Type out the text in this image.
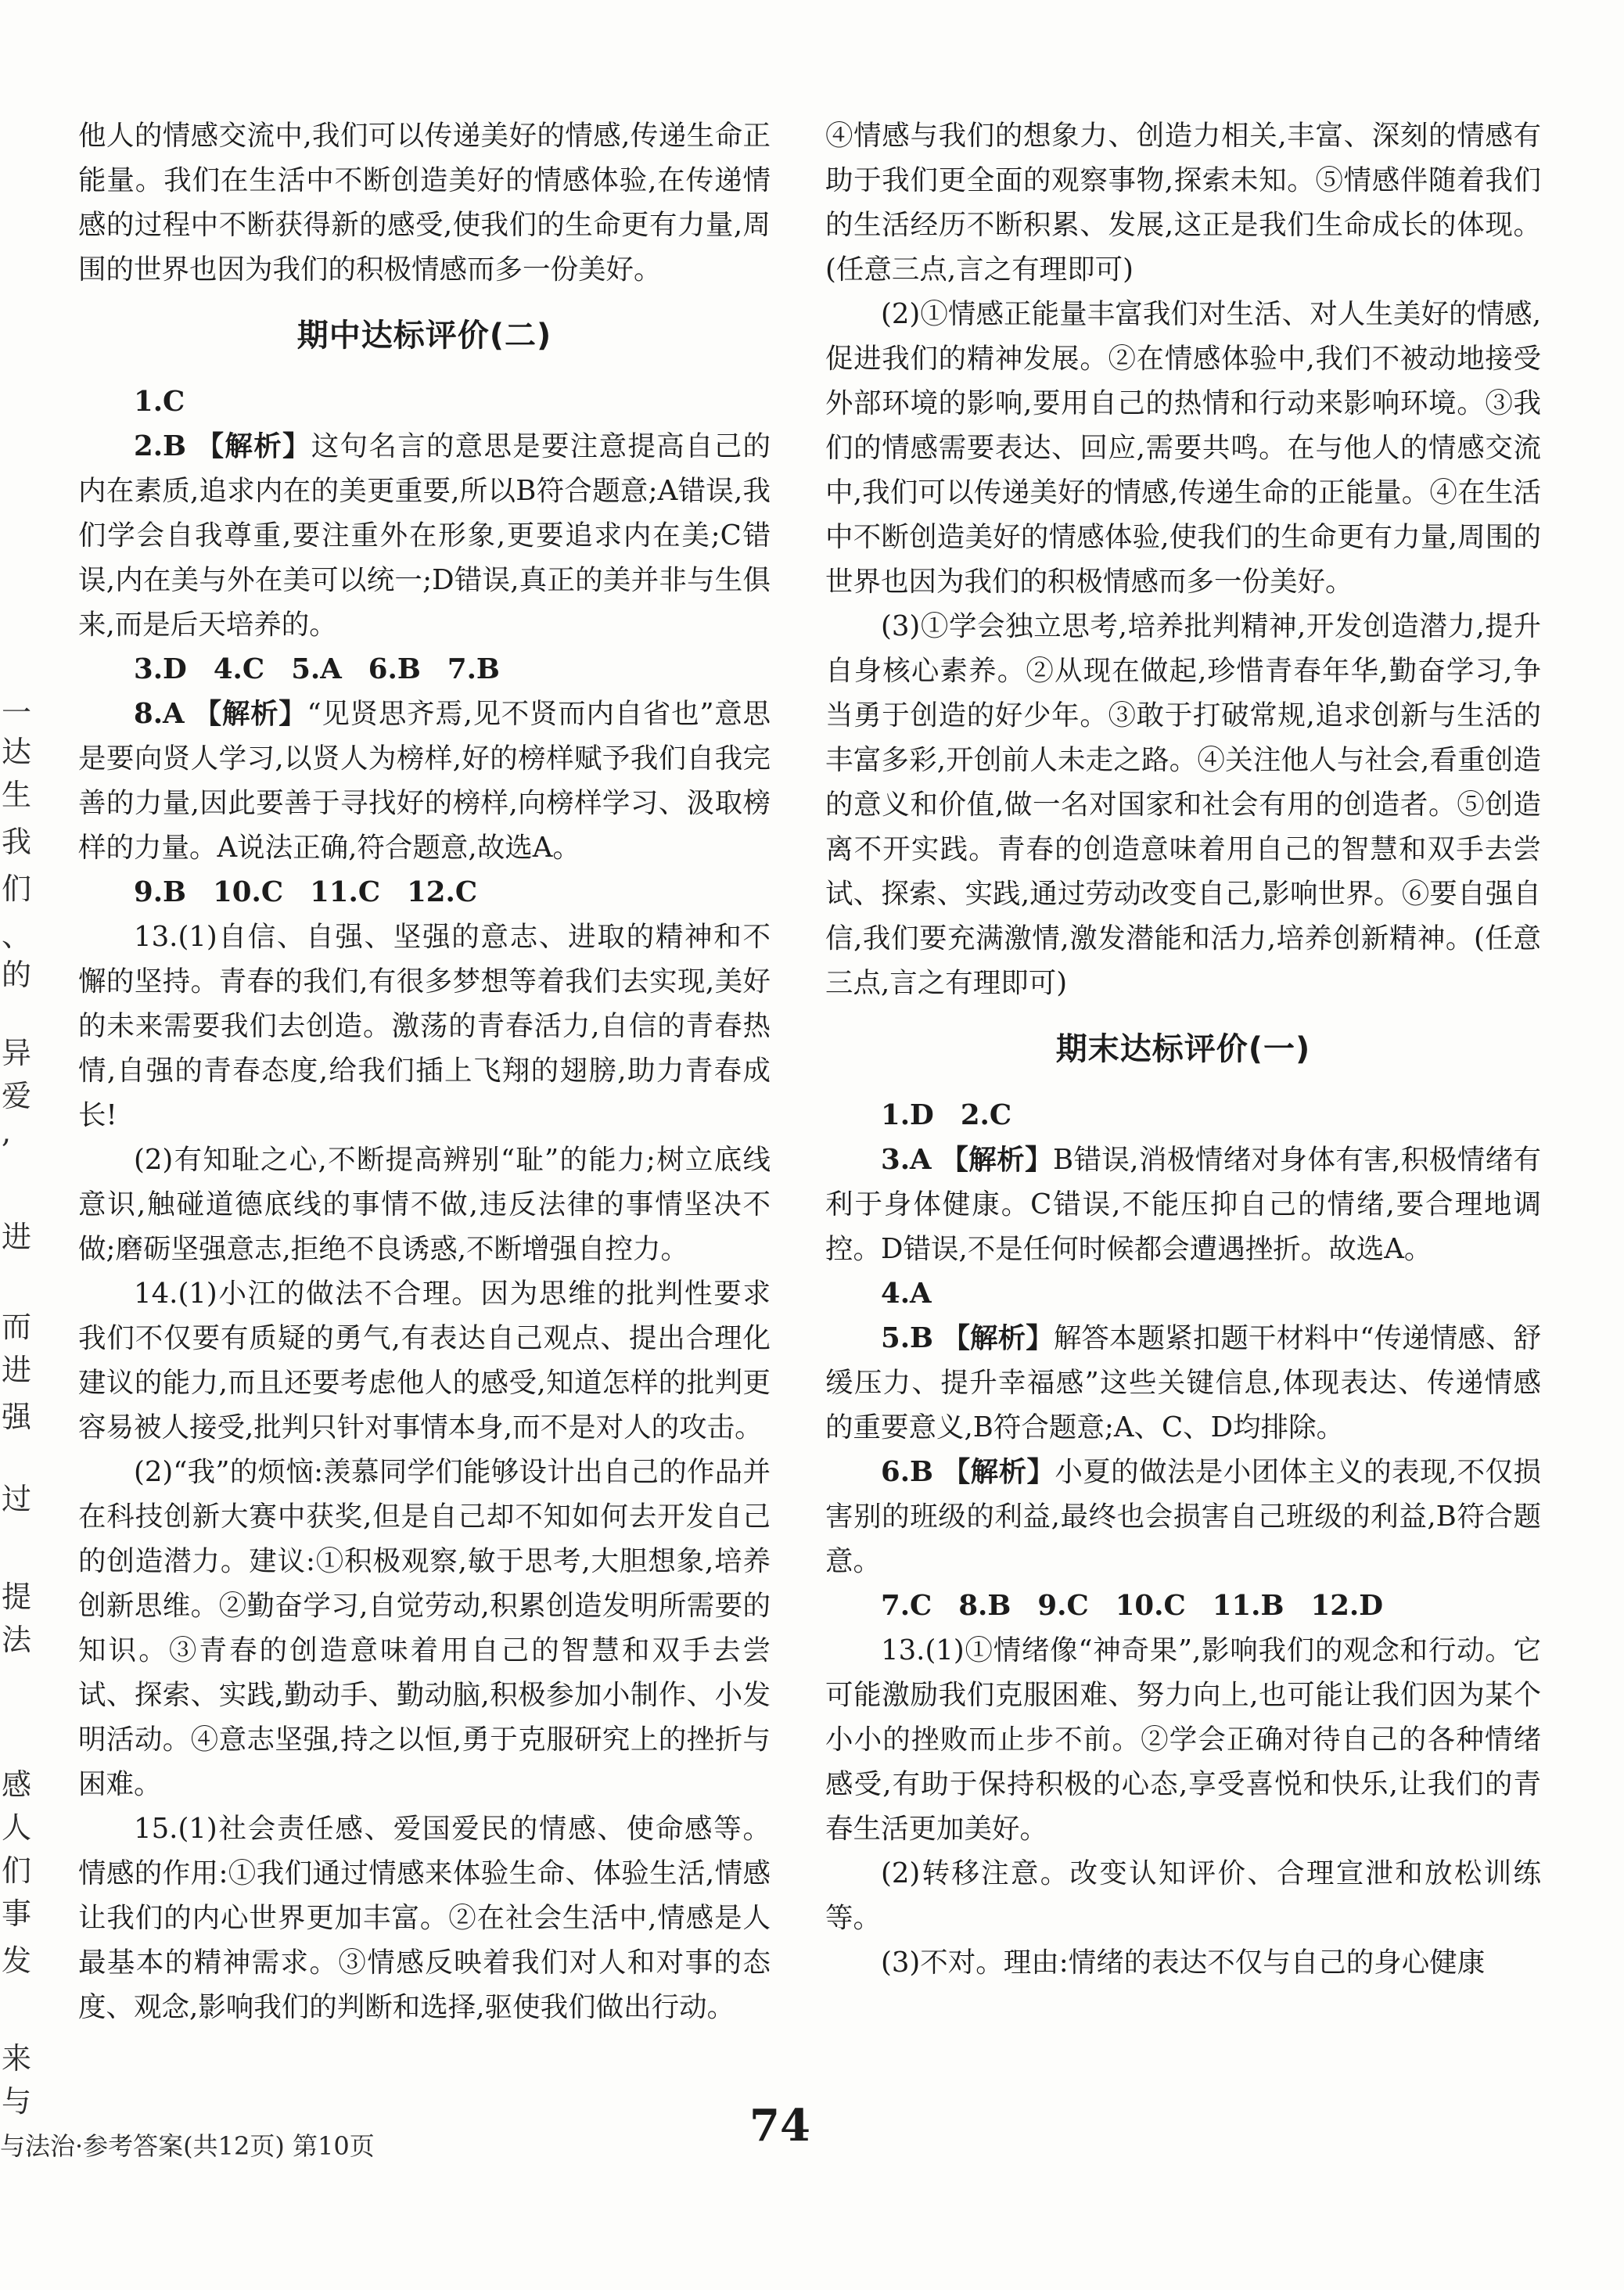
一
达
生
我
们
、
的
异
爱
,
进
而
进
强
过
提
法
感
人
们
事
发
来
与

他人的情感交流中,我们可以传递美好的情感,传递生命正能量。我们在生活中不断创造美好的情感体验,在传递情感的过程中不断获得新的感受,使我们的生命更有力量,周围的世界也因为我们的积极情感而多一份美好。

期中达标评价(二)

1.C

2.B 【解析】这句名言的意思是要注意提高自己的内在素质,追求内在的美更重要,所以B符合题意;A错误,我们学会自我尊重,要注重外在形象,更要追求内在美;C错误,内在美与外在美可以统一;D错误,真正的美并非与生俱来,而是后天培养的。

3.D 4.C 5.A 6.B 7.B

8.A 【解析】“见贤思齐焉,见不贤而内自省也”意思是要向贤人学习,以贤人为榜样,好的榜样赋予我们自我完善的力量,因此要善于寻找好的榜样,向榜样学习、汲取榜样的力量。A说法正确,符合题意,故选A。

9.B 10.C 11.C 12.C

13.(1)自信、自强、坚强的意志、进取的精神和不懈的坚持。青春的我们,有很多梦想等着我们去实现,美好的未来需要我们去创造。激荡的青春活力,自信的青春热情,自强的青春态度,给我们插上飞翔的翅膀,助力青春成长!

(2)有知耻之心,不断提高辨别“耻”的能力;树立底线意识,触碰道德底线的事情不做,违反法律的事情坚决不做;磨砺坚强意志,拒绝不良诱惑,不断增强自控力。

14.(1)小江的做法不合理。因为思维的批判性要求我们不仅要有质疑的勇气,有表达自己观点、提出合理化建议的能力,而且还要考虑他人的感受,知道怎样的批判更容易被人接受,批判只针对事情本身,而不是对人的攻击。

(2)“我”的烦恼:羡慕同学们能够设计出自己的作品并在科技创新大赛中获奖,但是自己却不知如何去开发自己的创造潜力。建议:①积极观察,敏于思考,大胆想象,培养创新思维。②勤奋学习,自觉劳动,积累创造发明所需要的知识。③青春的创造意味着用自己的智慧和双手去尝试、探索、实践,勤动手、勤动脑,积极参加小制作、小发明活动。④意志坚强,持之以恒,勇于克服研究上的挫折与困难。

15.(1)社会责任感、爱国爱民的情感、使命感等。情感的作用:①我们通过情感来体验生命、体验生活,情感让我们的内心世界更加丰富。②在社会生活中,情感是人最基本的精神需求。③情感反映着我们对人和对事的态度、观念,影响我们的判断和选择,驱使我们做出行动。

④情感与我们的想象力、创造力相关,丰富、深刻的情感有助于我们更全面的观察事物,探索未知。⑤情感伴随着我们的生活经历不断积累、发展,这正是我们生命成长的体现。(任意三点,言之有理即可)

(2)①情感正能量丰富我们对生活、对人生美好的情感,促进我们的精神发展。②在情感体验中,我们不被动地接受外部环境的影响,要用自己的热情和行动来影响环境。③我们的情感需要表达、回应,需要共鸣。在与他人的情感交流中,我们可以传递美好的情感,传递生命的正能量。④在生活中不断创造美好的情感体验,使我们的生命更有力量,周围的世界也因为我们的积极情感而多一份美好。

(3)①学会独立思考,培养批判精神,开发创造潜力,提升自身核心素养。②从现在做起,珍惜青春年华,勤奋学习,争当勇于创造的好少年。③敢于打破常规,追求创新与生活的丰富多彩,开创前人未走之路。④关注他人与社会,看重创造的意义和价值,做一名对国家和社会有用的创造者。⑤创造离不开实践。青春的创造意味着用自己的智慧和双手去尝试、探索、实践,通过劳动改变自己,影响世界。⑥要自强自信,我们要充满激情,激发潜能和活力,培养创新精神。(任意三点,言之有理即可)

期末达标评价(一)

1.D 2.C

3.A 【解析】B错误,消极情绪对身体有害,积极情绪有利于身体健康。C错误,不能压抑自己的情绪,要合理地调控。D错误,不是任何时候都会遭遇挫折。故选A。

4.A

5.B 【解析】解答本题紧扣题干材料中“传递情感、舒缓压力、提升幸福感”这些关键信息,体现表达、传递情感的重要意义,B符合题意;A、C、D均排除。

6.B 【解析】小夏的做法是小团体主义的表现,不仅损害别的班级的利益,最终也会损害自己班级的利益,B符合题意。

7.C 8.B 9.C 10.C 11.B 12.D

13.(1)①情绪像“神奇果”,影响我们的观念和行动。它可能激励我们克服困难、努力向上,也可能让我们因为某个小小的挫败而止步不前。②学会正确对待自己的各种情绪感受,有助于保持积极的心态,享受喜悦和快乐,让我们的青春生活更加美好。

(2)转移注意。改变认知评价、合理宣泄和放松训练等。

(3)不对。理由:情绪的表达不仅与自己的身心健康

与法治·参考答案(共12页) 第10页	74
